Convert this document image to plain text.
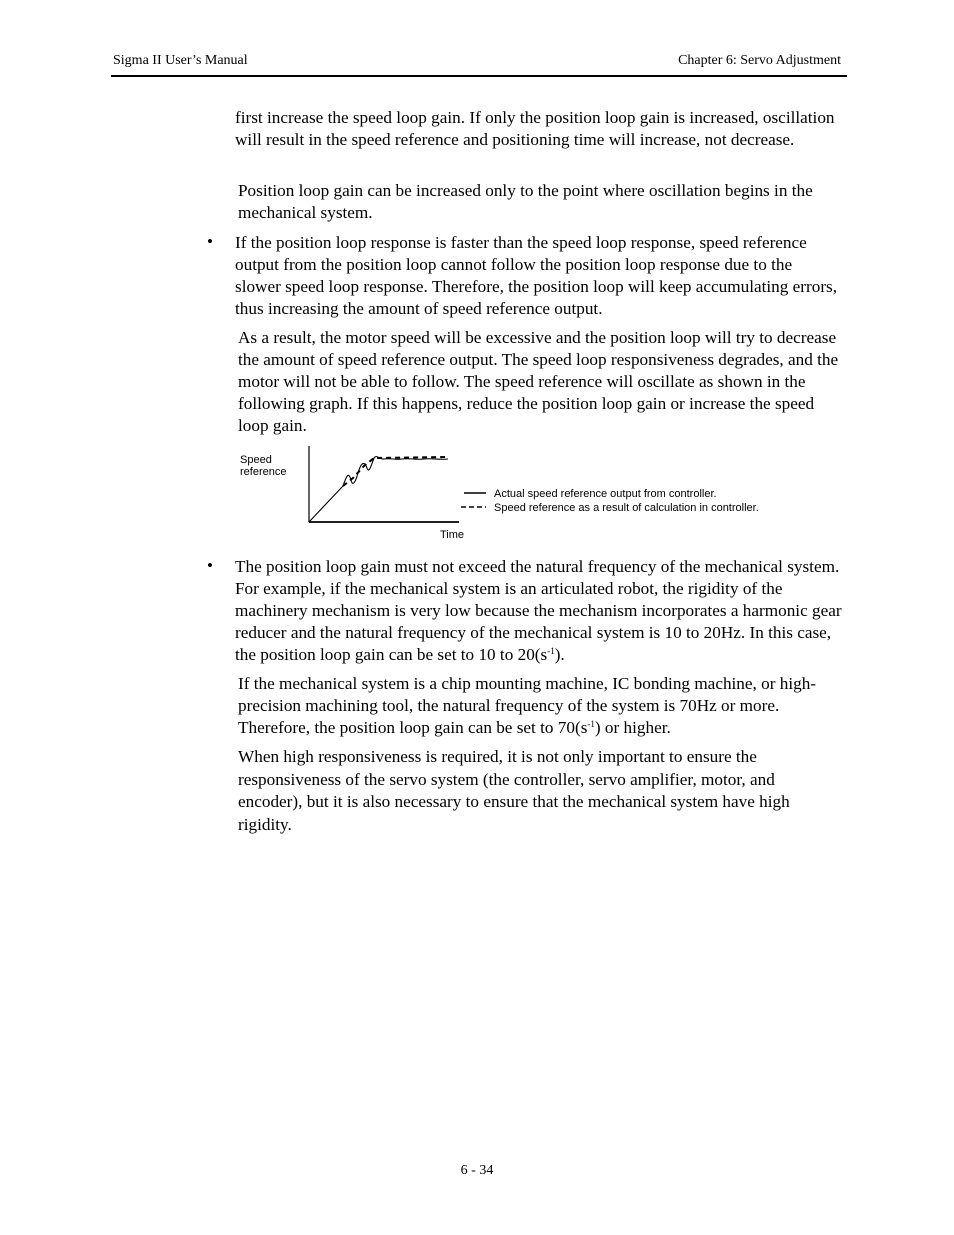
Sigma II User’s Manual	Chapter 6: Servo Adjustment

first increase the speed loop gain. If only the position loop gain is increased, oscillation will result in the speed reference and positioning time will increase, not decrease.

Position loop gain can be increased only to the point where oscillation begins in the mechanical system.

• If the position loop response is faster than the speed loop response, speed reference output from the position loop cannot follow the position loop response due to the slower speed loop response. Therefore, the position loop will keep accumulating errors, thus increasing the amount of speed reference output.

As a result, the motor speed will be excessive and the position loop will try to decrease the amount of speed reference output. The speed loop responsiveness degrades, and the motor will not be able to follow. The speed reference will oscillate as shown in the following graph. If this happens, reduce the position loop gain or increase the speed loop gain.

Speed
reference
Time
Actual speed reference output from controller.
Speed reference as a result of calculation in controller.
• The position loop gain must not exceed the natural frequency of the mechanical system. For example, if the mechanical system is an articulated robot, the rigidity of the machinery mechanism is very low because the mechanism incorporates a harmonic gear reducer and the natural frequency of the mechanical system is 10 to 20Hz. In this case, the position loop gain can be set to 10 to $20(s^{-1})$.

If the mechanical system is a chip mounting machine, IC bonding machine, or high-precision machining tool, the natural frequency of the system is 70Hz or more. Therefore, the position loop gain can be set to $70(s^{-1})$ or higher.

When high responsiveness is required, it is not only important to ensure the responsiveness of the servo system (the controller, servo amplifier, motor, and encoder), but it is also necessary to ensure that the mechanical system have high rigidity.

6 - 34
